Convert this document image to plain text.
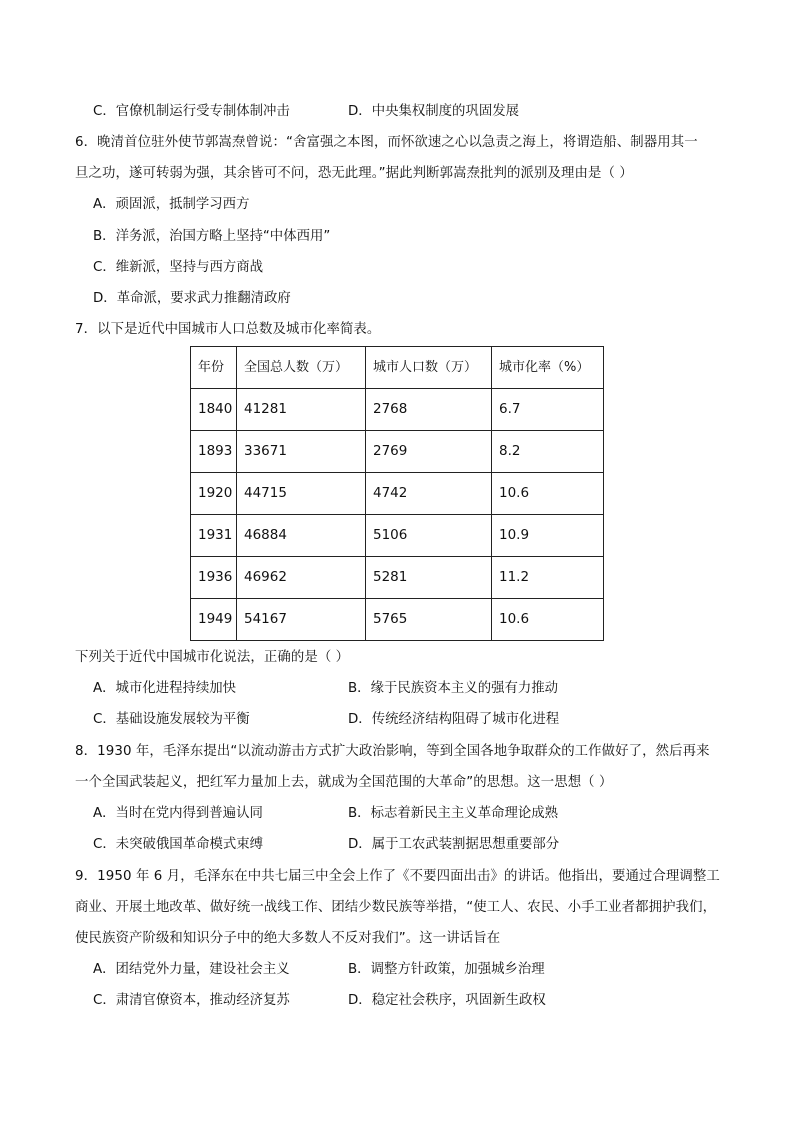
C．官僚机制运行受专制体制冲击	D．中央集权制度的巩固发展
6．晚清首位驻外使节郭嵩焘曾说：“舍富强之本图，而怀欲速之心以急责之海上，将谓造船、制器用其一
旦之功，遂可转弱为强，其余皆可不问，恐无此理。”据此判断郭嵩焘批判的派别及理由是（ ）
A．顽固派，抵制学习西方
B．洋务派，治国方略上坚持“中体西用”
C．维新派，坚持与西方商战
D．革命派，要求武力推翻清政府
7．以下是近代中国城市人口总数及城市化率简表。
年份	全国总人数（万）	城市人口数（万）	城市化率（%）
1840	41281	2768	6.7
1893	33671	2769	8.2
1920	44715	4742	10.6
1931	46884	5106	10.9
1936	46962	5281	11.2
1949	54167	5765	10.6
下列关于近代中国城市化说法，正确的是（ ）
A．城市化进程持续加快	B．缘于民族资本主义的强有力推动
C．基础设施发展较为平衡	D．传统经济结构阻碍了城市化进程
8．1930 年，毛泽东提出“以流动游击方式扩大政治影响，等到全国各地争取群众的工作做好了，然后再来
一个全国武装起义，把红军力量加上去，就成为全国范围的大革命”的思想。这一思想（ ）
A．当时在党内得到普遍认同	B．标志着新民主主义革命理论成熟
C．未突破俄国革命模式束缚	D．属于工农武装割据思想重要部分
9．1950 年 6 月，毛泽东在中共七届三中全会上作了《不要四面出击》的讲话。他指出，要通过合理调整工
商业、开展土地改革、做好统一战线工作、团结少数民族等举措，“使工人、农民、小手工业者都拥护我们，
使民族资产阶级和知识分子中的绝大多数人不反对我们”。这一讲话旨在
A．团结党外力量，建设社会主义	B．调整方针政策，加强城乡治理
C．肃清官僚资本，推动经济复苏	D．稳定社会秩序，巩固新生政权
